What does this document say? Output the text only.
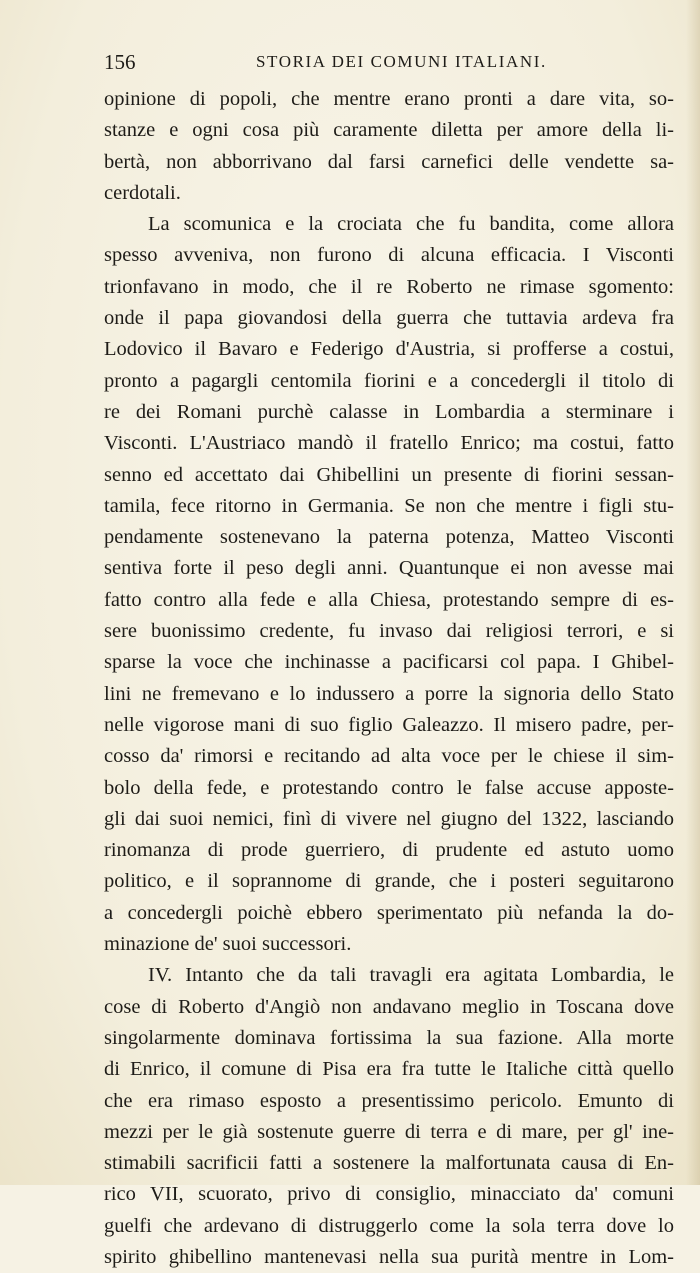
156	STORIA DEI COMUNI ITALIANI.
opinione di popoli, che mentre erano pronti a dare vita, so-
stanze e ogni cosa più caramente diletta per amore della li-
bertà, non abborrivano dal farsi carnefici delle vendette sa-
cerdotali.
La scomunica e la crociata che fu bandita, come allora
spesso avveniva, non furono di alcuna efficacia. I Visconti
trionfavano in modo, che il re Roberto ne rimase sgomento:
onde il papa giovandosi della guerra che tuttavia ardeva fra
Lodovico il Bavaro e Federigo d'Austria, si profferse a costui,
pronto a pagargli centomila fiorini e a concedergli il titolo di
re dei Romani purchè calasse in Lombardia a sterminare i
Visconti. L'Austriaco mandò il fratello Enrico; ma costui, fatto
senno ed accettato dai Ghibellini un presente di fiorini sessan-
tamila, fece ritorno in Germania. Se non che mentre i figli stu-
pendamente sostenevano la paterna potenza, Matteo Visconti
sentiva forte il peso degli anni. Quantunque ei non avesse mai
fatto contro alla fede e alla Chiesa, protestando sempre di es-
sere buonissimo credente, fu invaso dai religiosi terrori, e si
sparse la voce che inchinasse a pacificarsi col papa. I Ghibel-
lini ne fremevano e lo indussero a porre la signoria dello Stato
nelle vigorose mani di suo figlio Galeazzo. Il misero padre, per-
cosso da' rimorsi e recitando ad alta voce per le chiese il sim-
bolo della fede, e protestando contro le false accuse apposte-
gli dai suoi nemici, finì di vivere nel giugno del 1322, lasciando
rinomanza di prode guerriero, di prudente ed astuto uomo
politico, e il soprannome di grande, che i posteri seguitarono
a concedergli poichè ebbero sperimentato più nefanda la do-
minazione de' suoi successori.
IV. Intanto che da tali travagli era agitata Lombardia, le
cose di Roberto d'Angiò non andavano meglio in Toscana dove
singolarmente dominava fortissima la sua fazione. Alla morte
di Enrico, il comune di Pisa era fra tutte le Italiche città quello
che era rimaso esposto a presentissimo pericolo. Emunto di
mezzi per le già sostenute guerre di terra e di mare, per gl' ine-
stimabili sacrificii fatti a sostenere la malfortunata causa di En-
rico VII, scuorato, privo di consiglio, minacciato da' comuni
guelfi che ardevano di distruggerlo come la sola terra dove lo
spirito ghibellino mantenevasi nella sua purità mentre in Lom-
